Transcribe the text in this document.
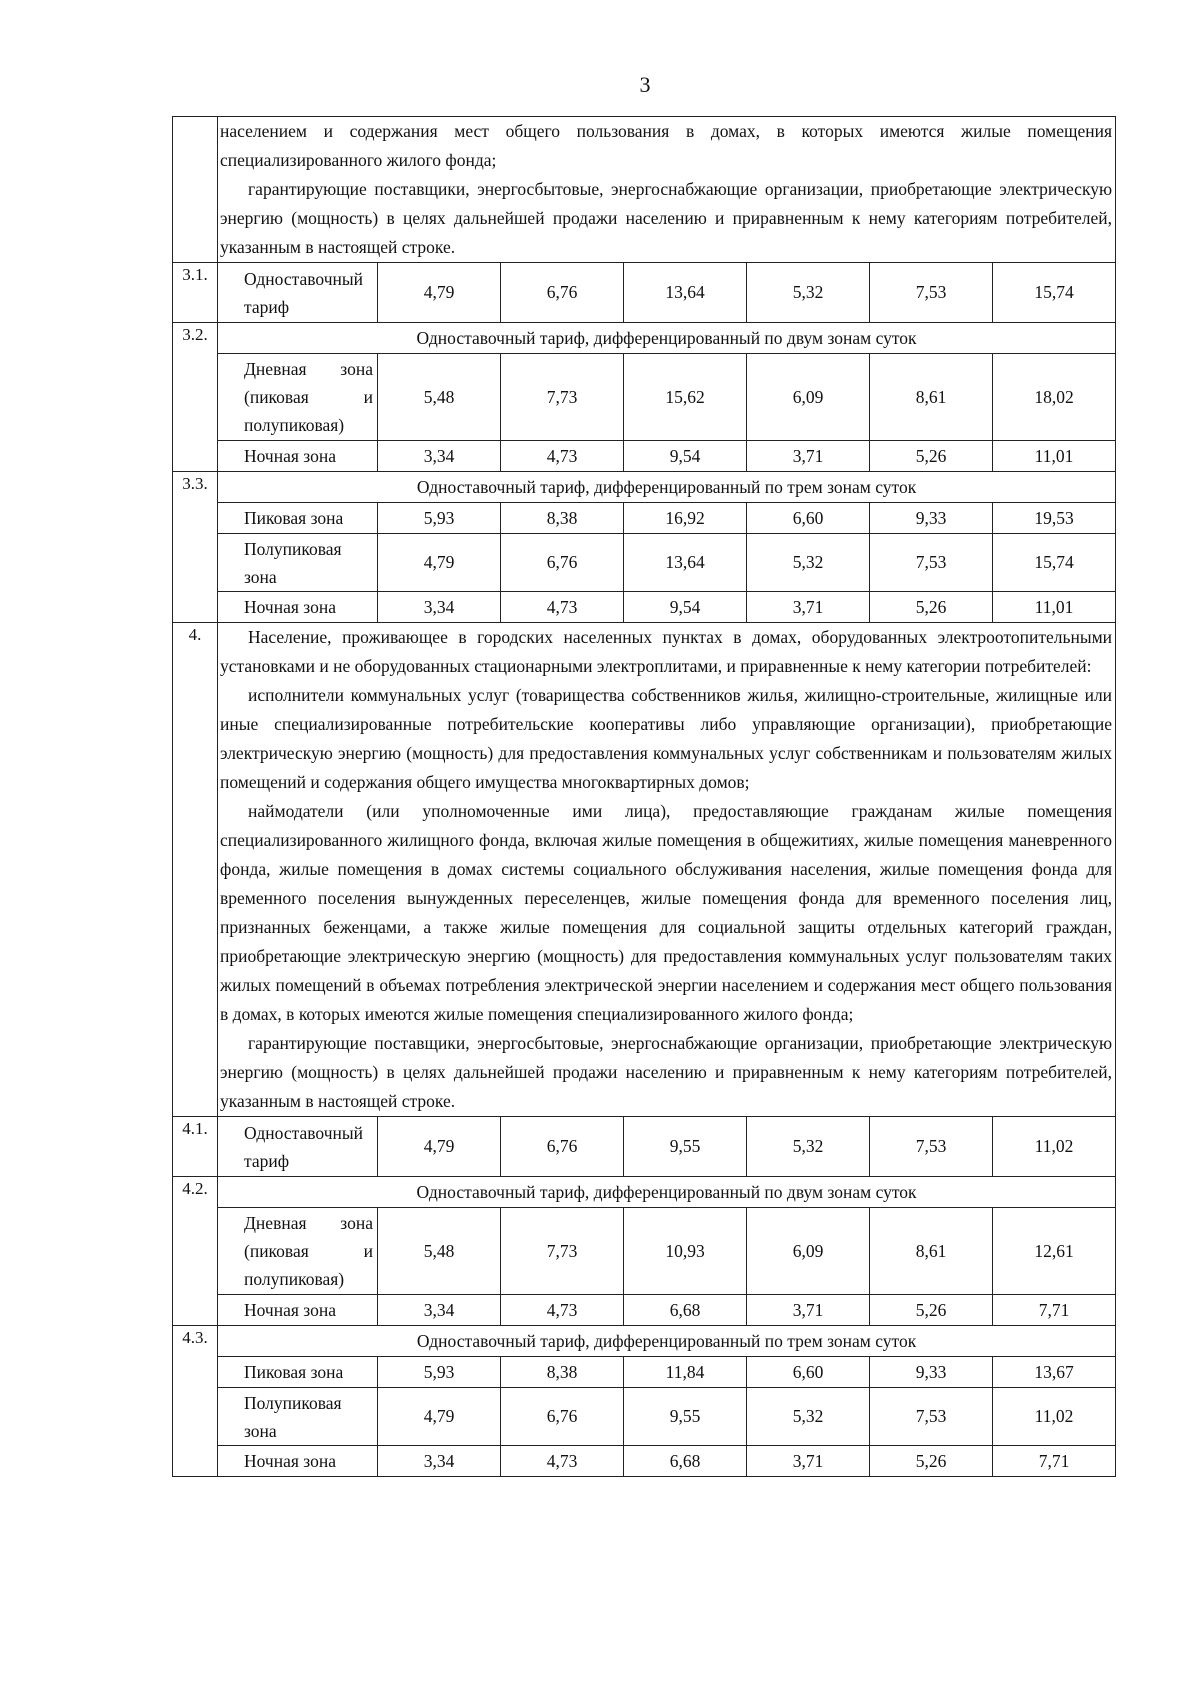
3

	населением и содержания мест общего пользования в домах, в которых имеются жилые помещения специализированного жилого фонда;

гарантирующие поставщики, энергосбытовые, энергоснабжающие организации, приобретающие электрическую энергию (мощность) в целях дальнейшей продажи населению и приравненным к нему категориям потребителей, указанным в настоящей строке.						

3.1.	Одноставочный тариф	4,79	6,76	13,64	5,32	7,53	15,74
3.2.	Одноставочный тариф, дифференцированный по двум зонам суток						
	Дневная зона (пиковая и полупиковая)	5,48	7,73	15,62	6,09	8,61	18,02
	Ночная зона	3,34	4,73	9,54	3,71	5,26	11,01
3.3.	Одноставочный тариф, дифференцированный по трем зонам суток						
	Пиковая зона	5,93	8,38	16,92	6,60	9,33	19,53
	Полупиковая зона	4,79	6,76	13,64	5,32	7,53	15,74
	Ночная зона	3,34	4,73	9,54	3,71	5,26	11,01
4.	Население, проживающее в городских населенных пунктах в домах, оборудованных электроотопительными установками и не оборудованных стационарными электроплитами, и приравненные к нему категории потребителей:

исполнители коммунальных услуг (товарищества собственников жилья, жилищно-строительные, жилищные или иные специализированные потребительские кооперативы либо управляющие организации), приобретающие электрическую энергию (мощность) для предоставления коммунальных услуг собственникам и пользователям жилых помещений и содержания общего имущества многоквартирных домов;

наймодатели (или уполномоченные ими лица), предоставляющие гражданам жилые помещения специализированного жилищного фонда, включая жилые помещения в общежитиях, жилые помещения маневренного фонда, жилые помещения в домах системы социального обслуживания населения, жилые помещения фонда для временного поселения вынужденных переселенцев, жилые помещения фонда для временного поселения лиц, признанных беженцами, а также жилые помещения для социальной защиты отдельных категорий граждан, приобретающие электрическую энергию (мощность) для предоставления коммунальных услуг пользователям таких жилых помещений в объемах потребления электрической энергии населением и содержания мест общего пользования в домах, в которых имеются жилые помещения специализированного жилого фонда;

гарантирующие поставщики, энергосбытовые, энергоснабжающие организации, приобретающие электрическую энергию (мощность) в целях дальнейшей продажи населению и приравненным к нему категориям потребителей, указанным в настоящей строке.						

4.1.	Одноставочный тариф	4,79	6,76	9,55	5,32	7,53	11,02
4.2.	Одноставочный тариф, дифференцированный по двум зонам суток						
	Дневная зона (пиковая и полупиковая)	5,48	7,73	10,93	6,09	8,61	12,61
	Ночная зона	3,34	4,73	6,68	3,71	5,26	7,71
4.3.	Одноставочный тариф, дифференцированный по трем зонам суток						
	Пиковая зона	5,93	8,38	11,84	6,60	9,33	13,67
	Полупиковая зона	4,79	6,76	9,55	5,32	7,53	11,02
	Ночная зона	3,34	4,73	6,68	3,71	5,26	7,71
